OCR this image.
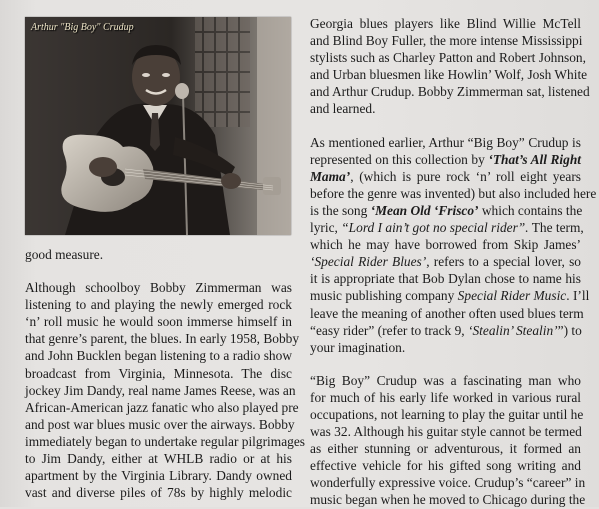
Arthur "Big Boy" Crudup

good measure.

Although schoolboy Bobby Zimmerman was
listening to and playing the newly emerged rock
‘n’ roll music he would soon immerse himself in
that genre’s parent, the blues. In early 1958, Bobby
and John Bucklen began listening to a radio show
broadcast from Virginia, Minnesota. The disc
jockey Jim Dandy, real name James Reese, was an
African-American jazz fanatic who also played pre
and post war blues music over the airways. Bobby
immediately began to undertake regular pilgrimages
to Jim Dandy, either at WHLB radio or at his
apartment by the Virginia Library. Dandy owned
vast and diverse piles of 78s by highly melodic

Georgia blues players like Blind Willie McTell
and Blind Boy Fuller, the more intense Mississippi
stylists such as Charley Patton and Robert Johnson,
and Urban bluesmen like Howlin’ Wolf, Josh White
and Arthur Crudup. Bobby Zimmerman sat, listened
and learned.

As mentioned earlier, Arthur “Big Boy” Crudup is
represented on this collection by ‘That’s All Right
Mama’, (which is pure rock ‘n’ roll eight years
before the genre was invented) but also included here
is the song ‘Mean Old ‘Frisco’ which contains the
lyric, “Lord I ain’t got no special rider”. The term,
which he may have borrowed from Skip James’
‘Special Rider Blues’, refers to a special lover, so
it is appropriate that Bob Dylan chose to name his
music publishing company Special Rider Music. I’ll
leave the meaning of another often used blues term
“easy rider” (refer to track 9, ‘Stealin’ Stealin’”) to
your imagination.

“Big Boy” Crudup was a fascinating man who
for much of his early life worked in various rural
occupations, not learning to play the guitar until he
was 32. Although his guitar style cannot be termed
as either stunning or adventurous, it formed an
effective vehicle for his gifted song writing and
wonderfully expressive voice. Crudup’s “career” in
music began when he moved to Chicago during the
